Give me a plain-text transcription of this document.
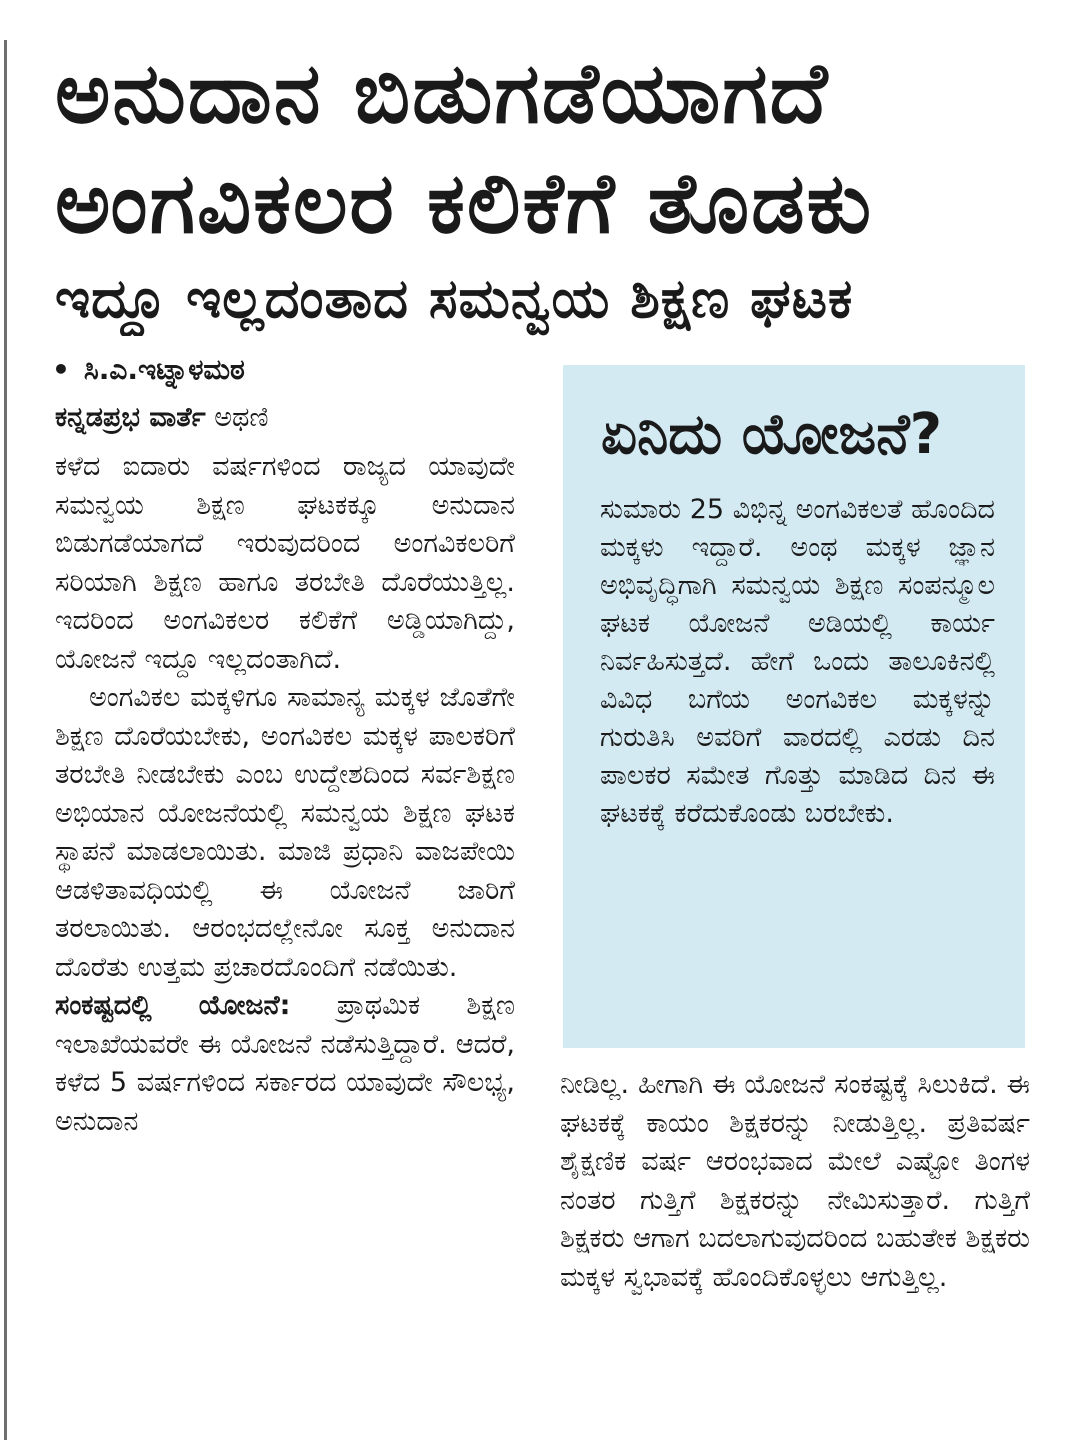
ಅನುದಾನ ಬಿಡುಗಡೆಯಾಗದೆ
ಅಂಗವಿಕಲರ ಕಲಿಕೆಗೆ ತೊಡಕು
ಇದ್ದೂ ಇಲ್ಲದಂತಾದ ಸಮನ್ವಯ ಶಿಕ್ಷಣ ಘಟಕ
• ಸಿ.ಎ.ಇಟ್ನಾಳಮಠ
ಕನ್ನಡಪ್ರಭ ವಾರ್ತೆ ಅಥಣಿ

ಕಳೆದ ಐದಾರು ವರ್ಷಗಳಿಂದ ರಾಜ್ಯದ ಯಾವುದೇ ಸಮನ್ವಯ ಶಿಕ್ಷಣ ಘಟಕಕ್ಕೂ ಅನುದಾನ ಬಿಡುಗಡೆಯಾಗದೆ ಇರುವುದರಿಂದ ಅಂಗವಿಕಲರಿಗೆ ಸರಿಯಾಗಿ ಶಿಕ್ಷಣ ಹಾಗೂ ತರಬೇತಿ ದೊರೆಯುತ್ತಿಲ್ಲ. ಇದರಿಂದ ಅಂಗವಿಕಲರ ಕಲಿಕೆಗೆ ಅಡ್ಡಿಯಾಗಿದ್ದು, ಯೋಜನೆ ಇದ್ದೂ ಇಲ್ಲದಂತಾಗಿದೆ.

ಅಂಗವಿಕಲ ಮಕ್ಕಳಿಗೂ ಸಾಮಾನ್ಯ ಮಕ್ಕಳ ಜೊತೆಗೇ ಶಿಕ್ಷಣ ದೊರೆಯಬೇಕು, ಅಂಗವಿಕಲ ಮಕ್ಕಳ ಪಾಲಕರಿಗೆ ತರಬೇತಿ ನೀಡಬೇಕು ಎಂಬ ಉದ್ದೇಶದಿಂದ ಸರ್ವಶಿಕ್ಷಣ ಅಭಿಯಾನ ಯೋಜನೆಯಲ್ಲಿ ಸಮನ್ವಯ ಶಿಕ್ಷಣ ಘಟಕ ಸ್ಥಾಪನೆ ಮಾಡಲಾಯಿತು. ಮಾಜಿ ಪ್ರಧಾನಿ ವಾಜಪೇಯಿ ಆಡಳಿತಾವಧಿಯಲ್ಲಿ ಈ ಯೋಜನೆ ಜಾರಿಗೆ ತರಲಾಯಿತು. ಆರಂಭದಲ್ಲೇನೋ ಸೂಕ್ತ ಅನುದಾನ ದೊರೆತು ಉತ್ತಮ ಪ್ರಚಾರದೊಂದಿಗೆ ನಡೆಯಿತು.

ಸಂಕಷ್ಟದಲ್ಲಿ ಯೋಜನೆ: ಪ್ರಾಥಮಿಕ ಶಿಕ್ಷಣ ಇಲಾಖೆಯವರೇ ಈ ಯೋಜನೆ ನಡೆಸುತ್ತಿದ್ದಾರೆ. ಆದರೆ, ಕಳೆದ 5 ವರ್ಷಗಳಿಂದ ಸರ್ಕಾರದ ಯಾವುದೇ ಸೌಲಭ್ಯ, ಅನುದಾನ

ಏನಿದು ಯೋಜನೆ?

ಸುಮಾರು 25 ವಿಭಿನ್ನ ಅಂಗವಿಕಲತೆ ಹೊಂದಿದ ಮಕ್ಕಳು ಇದ್ದಾರೆ. ಅಂಥ ಮಕ್ಕಳ ಜ್ಞಾನ ಅಭಿವೃದ್ಧಿಗಾಗಿ ಸಮನ್ವಯ ಶಿಕ್ಷಣ ಸಂಪನ್ಮೂಲ ಘಟಕ ಯೋಜನೆ ಅಡಿಯಲ್ಲಿ ಕಾರ್ಯ ನಿರ್ವಹಿಸುತ್ತದೆ. ಹೇಗೆ ಒಂದು ತಾಲೂಕಿನಲ್ಲಿ ವಿವಿಧ ಬಗೆಯ ಅಂಗವಿಕಲ ಮಕ್ಕಳನ್ನು ಗುರುತಿಸಿ ಅವರಿಗೆ ವಾರದಲ್ಲಿ ಎರಡು ದಿನ ಪಾಲಕರ ಸಮೇತ ಗೊತ್ತು ಮಾಡಿದ ದಿನ ಈ ಘಟಕಕ್ಕೆ ಕರೆದುಕೊಂಡು ಬರಬೇಕು.

ನೀಡಿಲ್ಲ. ಹೀಗಾಗಿ ಈ ಯೋಜನೆ ಸಂಕಷ್ಟಕ್ಕೆ ಸಿಲುಕಿದೆ. ಈ ಘಟಕಕ್ಕೆ ಕಾಯಂ ಶಿಕ್ಷಕರನ್ನು ನೀಡುತ್ತಿಲ್ಲ. ಪ್ರತಿವರ್ಷ ಶೈಕ್ಷಣಿಕ ವರ್ಷ ಆರಂಭವಾದ ಮೇಲೆ ಎಷ್ಟೋ ತಿಂಗಳ ನಂತರ ಗುತ್ತಿಗೆ ಶಿಕ್ಷಕರನ್ನು ನೇಮಿಸುತ್ತಾರೆ. ಗುತ್ತಿಗೆ ಶಿಕ್ಷಕರು ಆಗಾಗ ಬದಲಾಗುವುದರಿಂದ ಬಹುತೇಕ ಶಿಕ್ಷಕರು ಮಕ್ಕಳ ಸ್ವಭಾವಕ್ಕೆ ಹೊಂದಿಕೊಳ್ಳಲು ಆಗುತ್ತಿಲ್ಲ.
